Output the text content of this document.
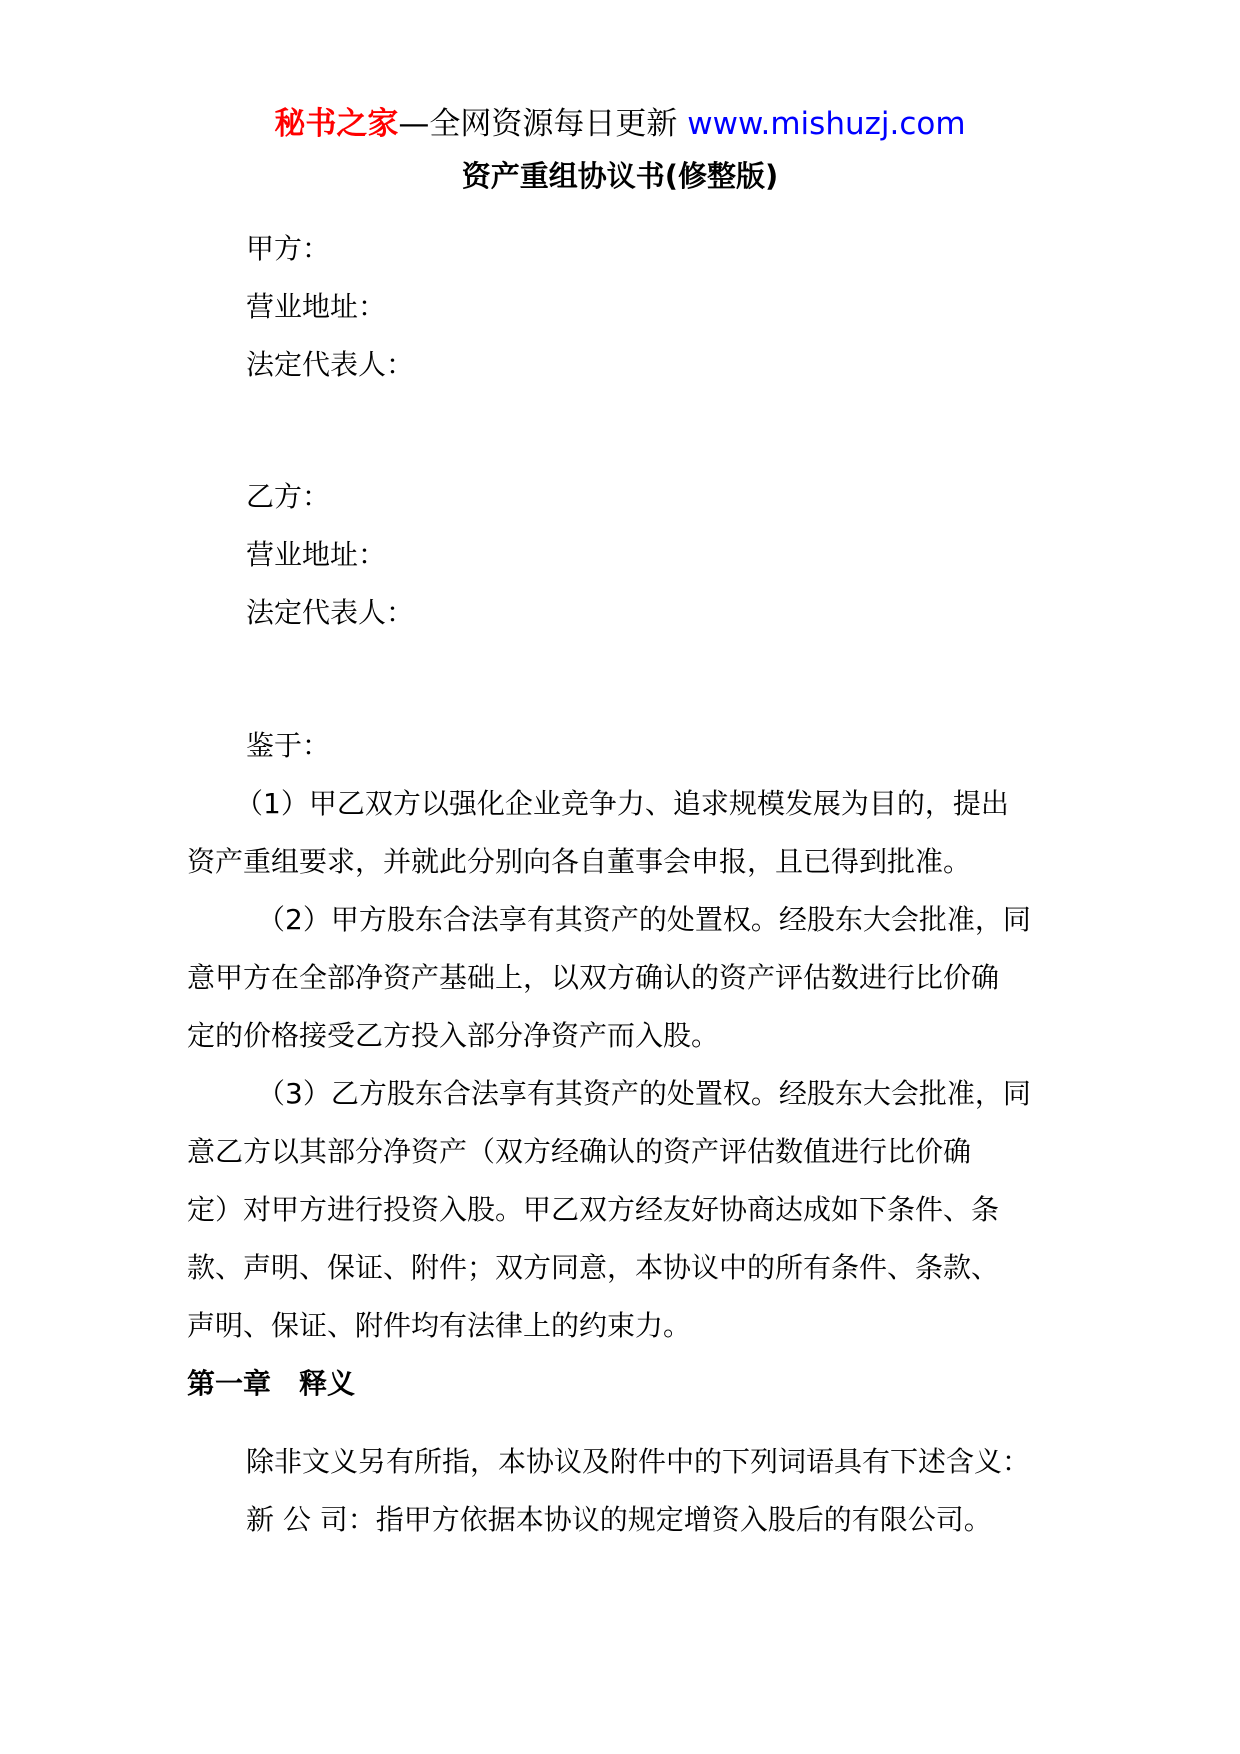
秘书之家—全网资源每日更新 www.mishuzj.com
资产重组协议书(修整版)
甲方：
营业地址：
法定代表人：
乙方：
营业地址：
法定代表人：
鉴于：
（1）甲乙双方以强化企业竞争力、追求规模发展为目的，提出
资产重组要求，并就此分别向各自董事会申报，且已得到批准。
（2）甲方股东合法享有其资产的处置权。经股东大会批准，同
意甲方在全部净资产基础上，以双方确认的资产评估数进行比价确
定的价格接受乙方投入部分净资产而入股。
（3）乙方股东合法享有其资产的处置权。经股东大会批准，同
意乙方以其部分净资产（双方经确认的资产评估数值进行比价确
定）对甲方进行投资入股。甲乙双方经友好协商达成如下条件、条
款、声明、保证、附件；双方同意，本协议中的所有条件、条款、
声明、保证、附件均有法律上的约束力。
第一章　释义
除非文义另有所指，本协议及附件中的下列词语具有下述含义：
新 公 司：指甲方依据本协议的规定增资入股后的有限公司。
